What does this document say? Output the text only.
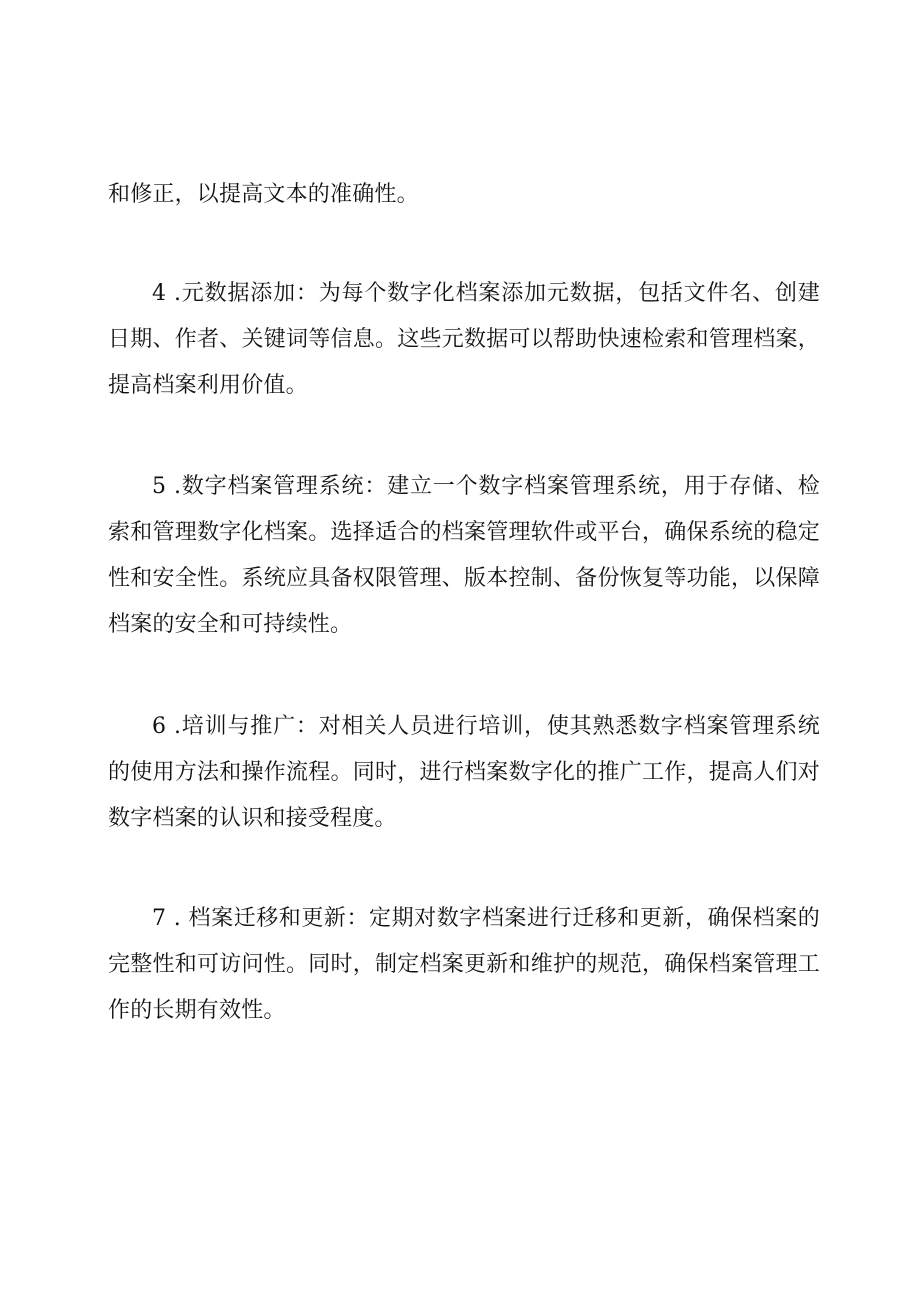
和修正，以提高文本的准确性。

4 .元数据添加：为每个数字化档案添加元数据，包括文件名、创建日期、作者、关键词等信息。这些元数据可以帮助快速检索和管理档案，提高档案利用价值。

5 .数字档案管理系统：建立一个数字档案管理系统，用于存储、检索和管理数字化档案。选择适合的档案管理软件或平台，确保系统的稳定性和安全性。系统应具备权限管理、版本控制、备份恢复等功能，以保障档案的安全和可持续性。

6 .培训与推广：对相关人员进行培训，使其熟悉数字档案管理系统的使用方法和操作流程。同时，进行档案数字化的推广工作，提高人们对数字档案的认识和接受程度。

7 . 档案迁移和更新：定期对数字档案进行迁移和更新，确保档案的完整性和可访问性。同时，制定档案更新和维护的规范，确保档案管理工作的长期有效性。
